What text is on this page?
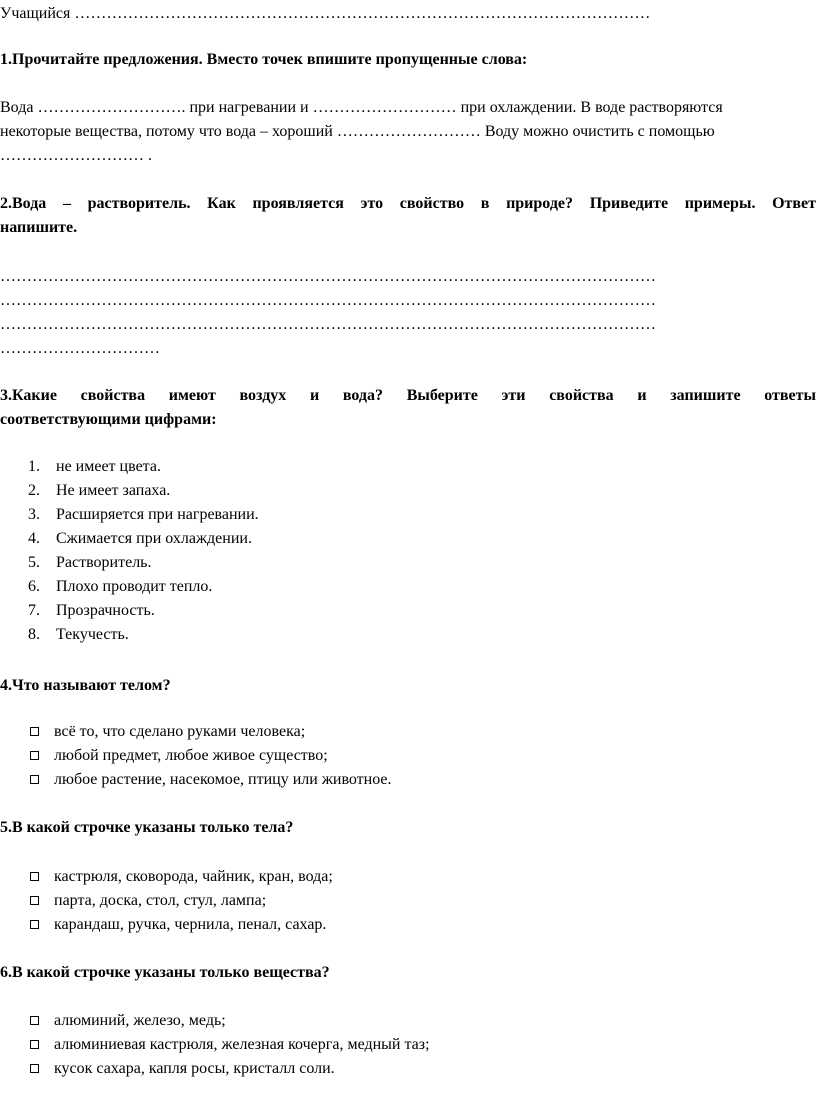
Учащийся ………………………………………………………………………………………………
1.Прочитайте предложения. Вместо точек впишите пропущенные слова:
Вода ………………………. при нагревании и ……………………… при охлаждении. В воде растворяются
некоторые вещества, потому что вода – хороший ……………………… Воду можно очистить с помощью
……………………… .
2.Вода – растворитель. Как проявляется это свойство в природе? Приведите примеры. Ответ
напишите.
……………………………………………………………………………………………………………
……………………………………………………………………………………………………………
……………………………………………………………………………………………………………
…………………………
3.Какие свойства имеют воздух и вода? Выберите эти свойства и запишите ответы
соответствующими цифрами:
1. не имеет цвета.
2. Не имеет запаха.
3. Расширяется при нагревании.
4. Сжимается при охлаждении.
5. Растворитель.
6. Плохо проводит тепло.
7. Прозрачность.
8. Текучесть.
4.Что называют телом?
всё то, что сделано руками человека;
любой предмет, любое живое существо;
любое растение, насекомое, птицу или животное.
5.В какой строчке указаны только тела?
кастрюля, сковорода, чайник, кран, вода;
парта, доска, стол, стул, лампа;
карандаш, ручка, чернила, пенал, сахар.
6.В какой строчке указаны только вещества?
алюминий, железо, медь;
алюминиевая кастрюля, железная кочерга, медный таз;
кусок сахара, капля росы, кристалл соли.
